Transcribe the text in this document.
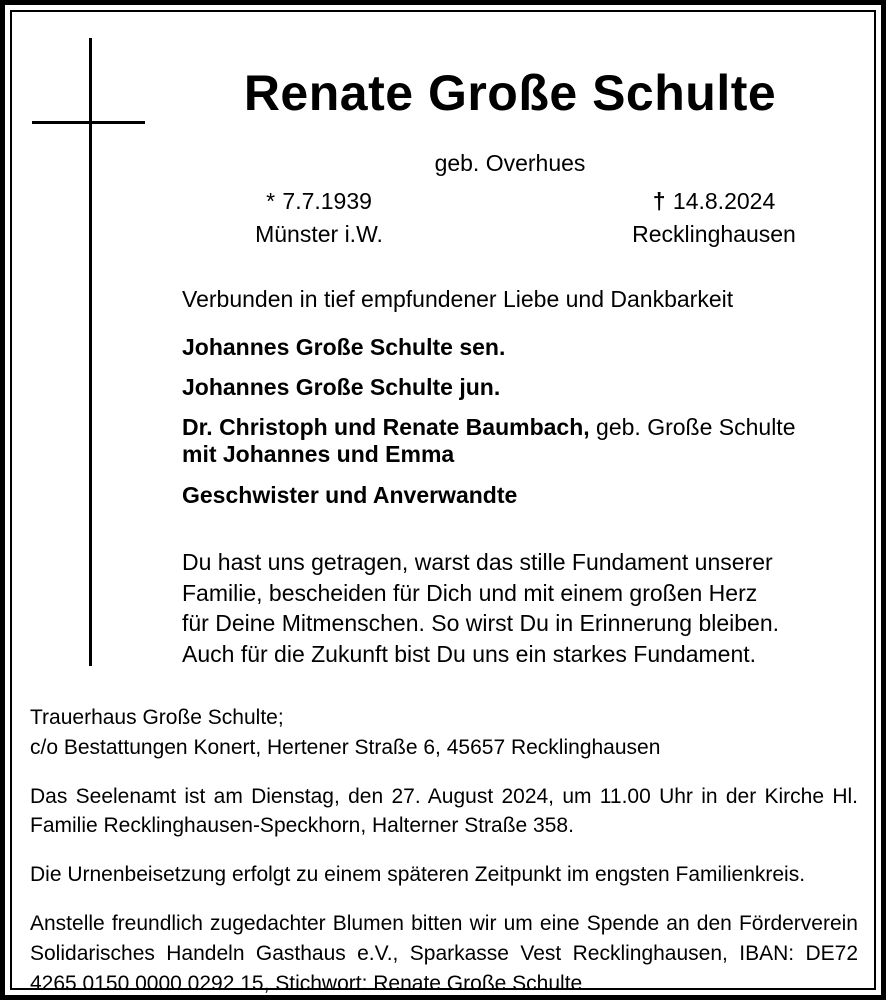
Renate Große Schulte
geb. Overhues
* 7.7.1939
Münster i.W.
† 14.8.2024
Recklinghausen
Verbunden in tief empfundener Liebe und Dankbarkeit
Johannes Große Schulte sen.
Johannes Große Schulte jun.
Dr. Christoph und Renate Baumbach, geb. Große Schulte
mit Johannes und Emma
Geschwister und Anverwandte
Du hast uns getragen, warst das stille Fundament unserer
Familie, bescheiden für Dich und mit einem großen Herz
für Deine Mitmenschen. So wirst Du in Erinnerung bleiben.
Auch für die Zukunft bist Du uns ein starkes Fundament.
Trauerhaus Große Schulte;
c/o Bestattungen Konert, Hertener Straße 6, 45657 Recklinghausen
Das Seelenamt ist am Dienstag, den 27. August 2024, um 11.00 Uhr in der Kirche Hl. Familie Recklinghausen-Speckhorn, Halterner Straße 358.
Die Urnenbeisetzung erfolgt zu einem späteren Zeitpunkt im engsten Familienkreis.
Anstelle freundlich zugedachter Blumen bitten wir um eine Spende an den Förderverein Solidarisches Handeln Gasthaus e.V., Sparkasse Vest Recklinghausen, IBAN: DE72 4265 0150 0000 0292 15, Stichwort: Renate Große Schulte
